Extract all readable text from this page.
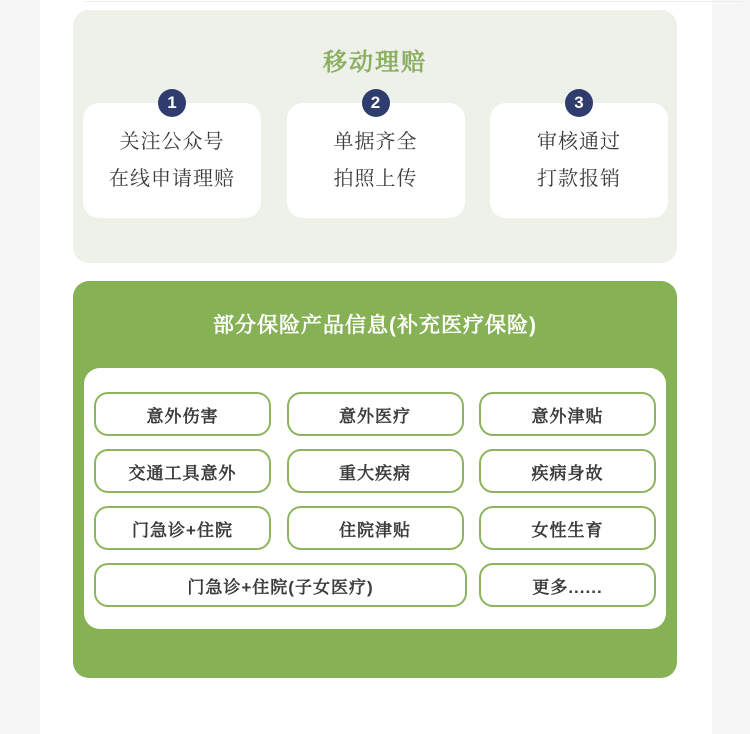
移动理赔
1
关注公众号
在线申请理赔
2
单据齐全
拍照上传
3
审核通过
打款报销
部分保险产品信息(补充医疗保险)
意外伤害	意外医疗	意外津贴
交通工具意外	重大疾病	疾病身故
门急诊+住院	住院津贴	女性生育
门急诊+住院(子女医疗)	更多......
